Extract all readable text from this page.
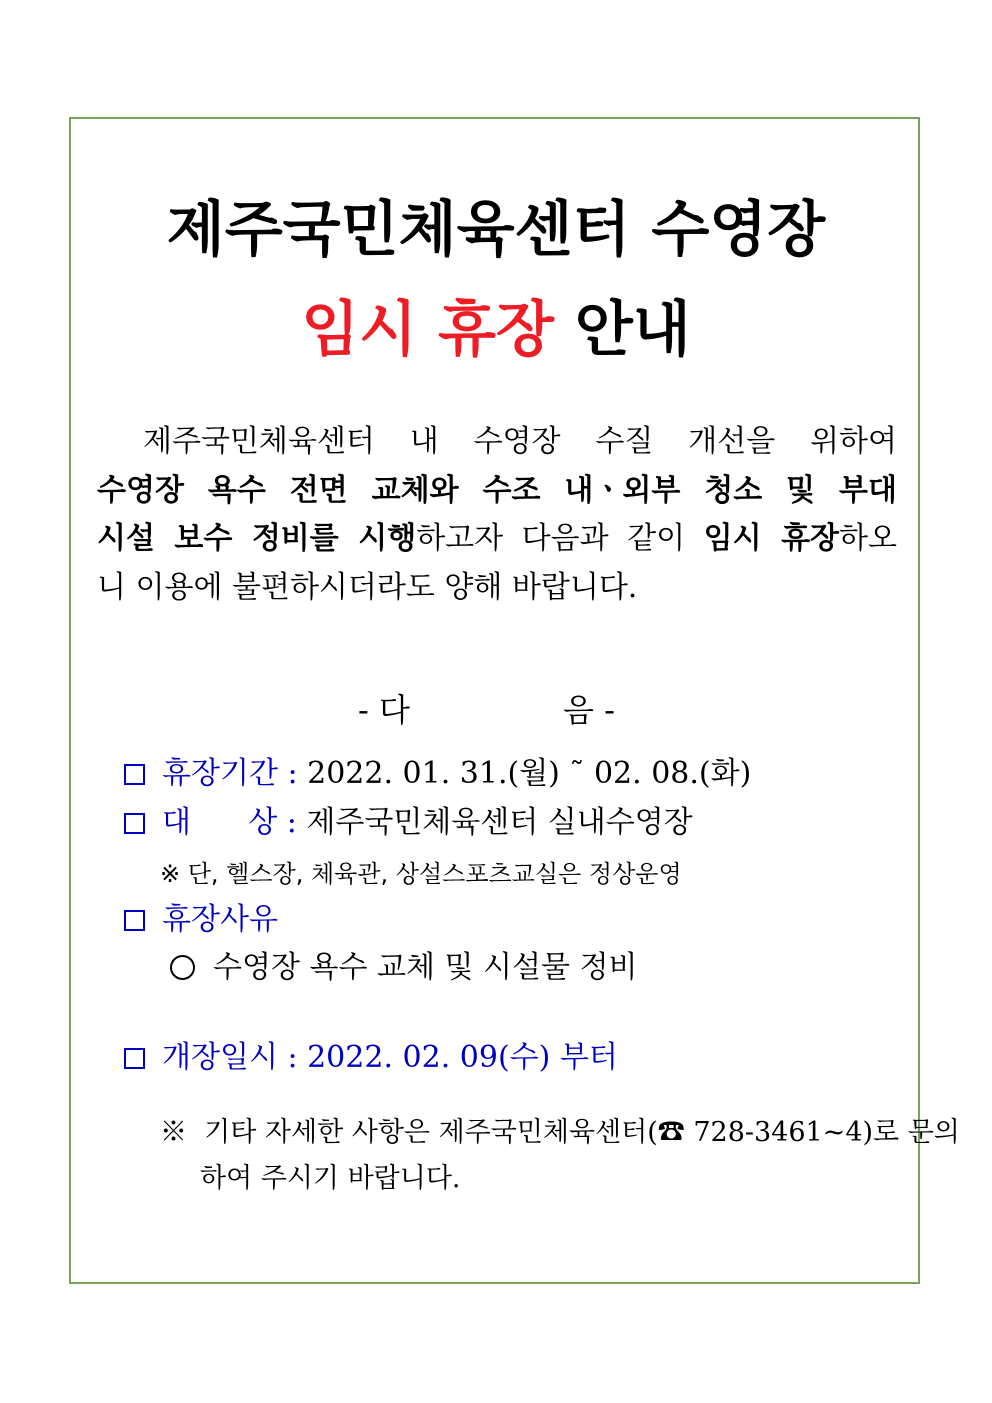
제주국민체육센터 수영장
임시 휴장 안내
제주국민체육센터 내 수영장 수질 개선을 위하여
수영장 욕수 전면 교체와 수조 내ㆍ외부 청소 및 부대
시설 보수 정비를 시행하고자 다음과 같이 임시 휴장하오
니 이용에 불편하시더라도 양해 바랍니다.
- 다	음 -
휴장기간 : 2022. 01. 31.(월) ˜ 02. 08.(화)
대      상 : 제주국민체육센터 실내수영장
※ 단, 헬스장, 체육관, 상설스포츠교실은 정상운영
휴장사유
수영장 욕수 교체 및 시설물 정비
개장일시 : 2022. 02. 09(수) 부터
※  기타 자세한 사항은 제주국민체육센터(☎ 728-3461~4)로 문의
하여 주시기 바랍니다.
